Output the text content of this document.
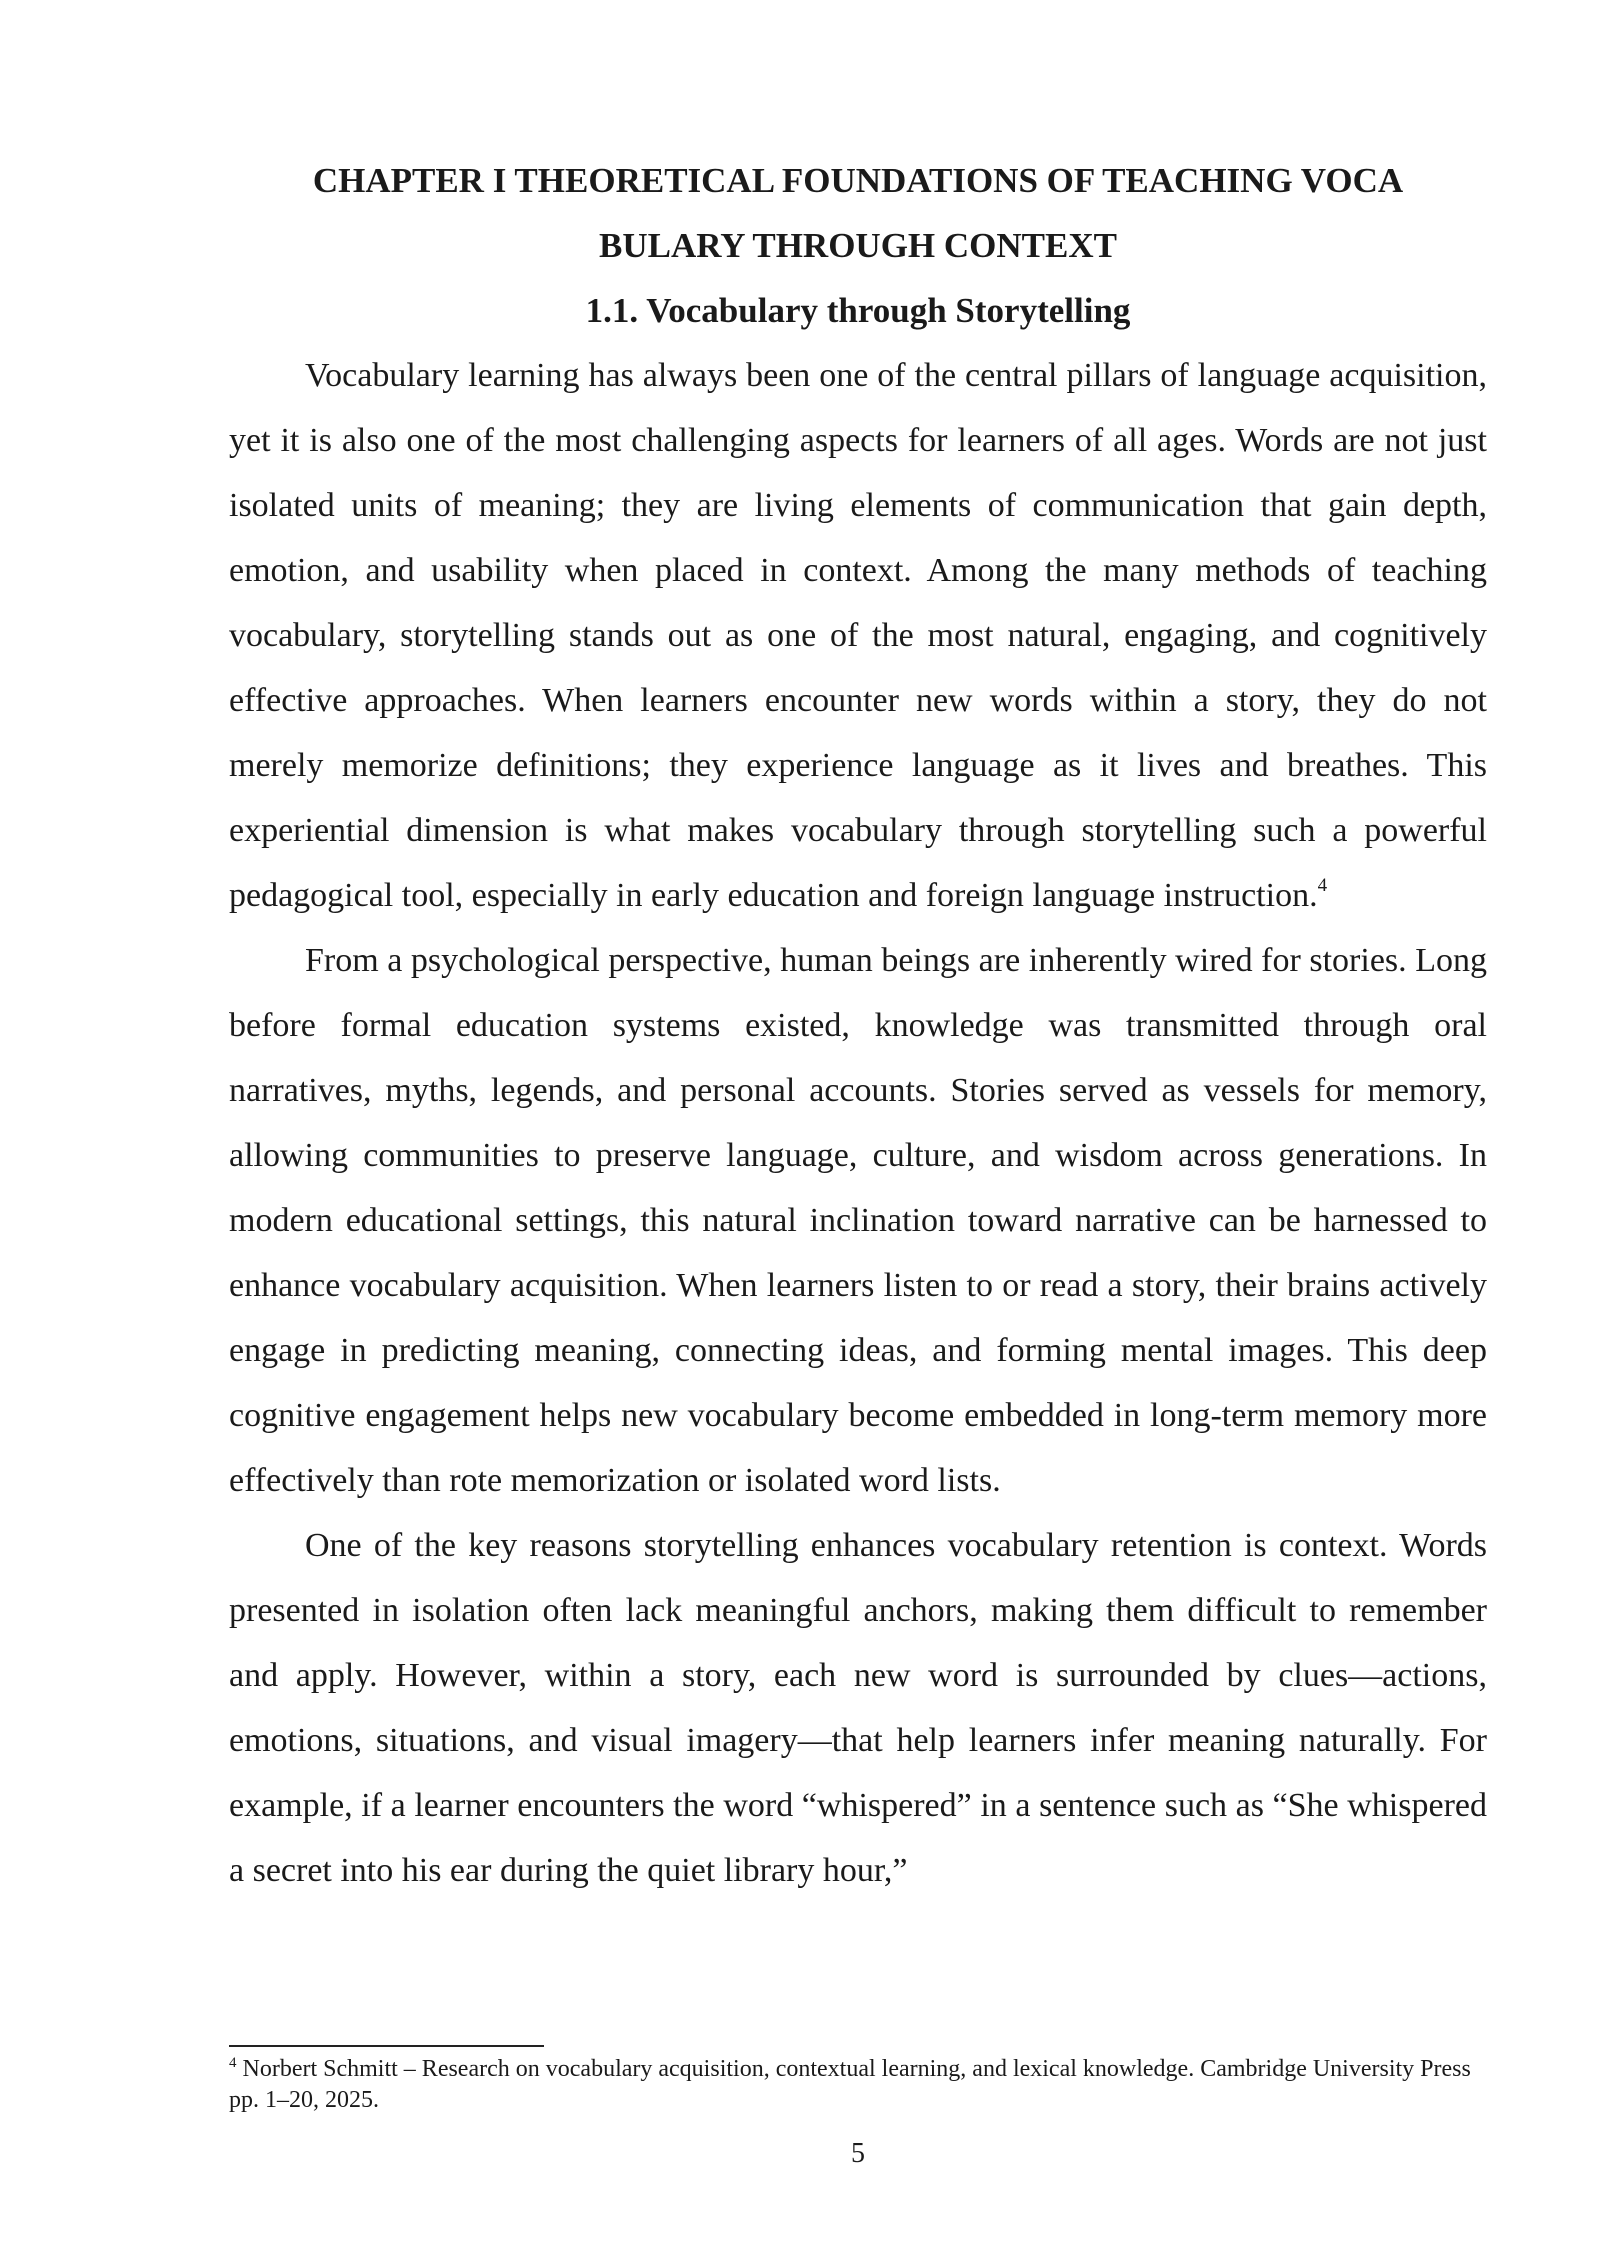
CHAPTER I THEORETICAL FOUNDATIONS OF TEACHING VOCA

BULARY THROUGH CONTEXT

1.1. Vocabulary through Storytelling

Vocabulary learning has always been one of the central pillars of language acquisition, yet it is also one of the most challenging aspects for learners of all ages. Words are not just isolated units of meaning; they are living elements of communication that gain depth, emotion, and usability when placed in context. Among the many methods of teaching vocabulary, storytelling stands out as one of the most natural, engaging, and cognitively effective approaches. When learners encounter new words within a story, they do not merely memorize definitions; they experience language as it lives and breathes. This experiential dimension is what makes vocabulary through storytelling such a powerful pedagogical tool, especially in early education and foreign language instruction.$^4$

From a psychological perspective, human beings are inherently wired for stories. Long before formal education systems existed, knowledge was transmitted through oral narratives, myths, legends, and personal accounts. Stories served as vessels for memory, allowing communities to preserve language, culture, and wisdom across generations. In modern educational settings, this natural inclination toward narrative can be harnessed to enhance vocabulary acquisition. When learners listen to or read a story, their brains actively engage in predicting meaning, connecting ideas, and forming mental images. This deep cognitive engagement helps new vocabulary become embedded in long-term memory more effectively than rote memorization or isolated word lists.

One of the key reasons storytelling enhances vocabulary retention is context. Words presented in isolation often lack meaningful anchors, making them difficult to remember and apply. However, within a story, each new word is surrounded by clues—actions, emotions, situations, and visual imagery—that help learners infer meaning naturally. For example, if a learner encounters the word “whispered” in a sentence such as “She whispered a secret into his ear during the quiet library hour,”

$^4$ Norbert Schmitt – Research on vocabulary acquisition, contextual learning, and lexical knowledge. Cambridge University Press pp. 1–20, 2025.

5
